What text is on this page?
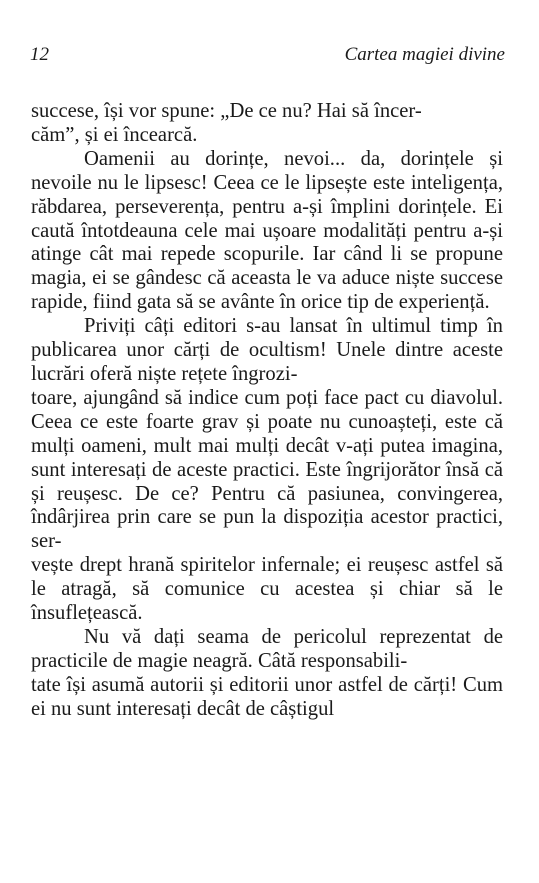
12	Cartea magiei divine

succese, își vor spune: „De ce nu? Hai să încer-
căm”, și ei încearcă.

Oamenii au dorințe, nevoi... da, dorințele și nevoile nu le lipsesc! Ceea ce le lipsește este inteligența, răbdarea, perseverența, pentru a-și împlini dorințele. Ei caută întotdeauna cele mai ușoare modalități pentru a-și atinge cât mai repede scopurile. Iar când li se propune magia, ei se gândesc că aceasta le va aduce niște succese rapide, fiind gata să se avânte în orice tip de experiență.

Priviți câți editori s-au lansat în ultimul timp în publicarea unor cărți de ocultism! Unele dintre aceste lucrări oferă niște rețete îngrozi-
toare, ajungând să indice cum poți face pact cu diavolul. Ceea ce este foarte grav și poate nu cunoașteți, este că mulți oameni, mult mai mulți decât v-ați putea imagina, sunt interesați de aceste practici. Este îngrijorător însă că și reușesc. De ce? Pentru că pasiunea, convingerea, îndârjirea prin care se pun la dispoziția acestor practici, ser-
vește drept hrană spiritelor infernale; ei reușesc astfel să le atragă, să comunice cu acestea și chiar să le însuflețească.

Nu vă dați seama de pericolul reprezentat de practicile de magie neagră. Câtă responsabili-
tate își asumă autorii și editorii unor astfel de cărți! Cum ei nu sunt interesați decât de câștigul
